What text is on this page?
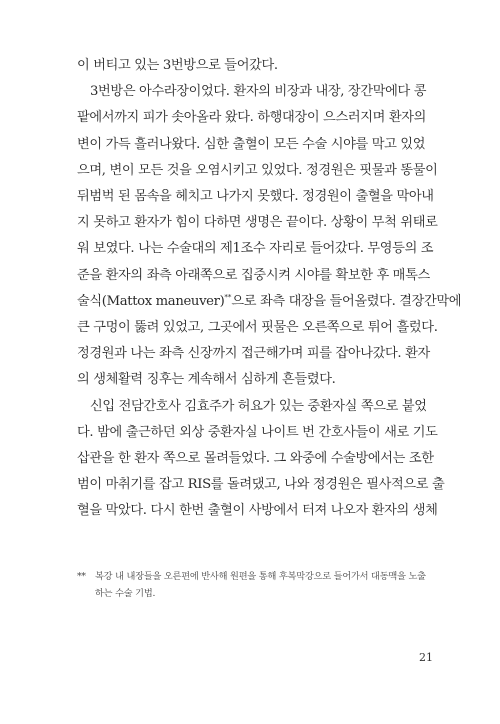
이 버티고 있는 3번방으로 들어갔다.
3번방은 아수라장이었다. 환자의 비장과 내장, 장간막에다 콩
팥에서까지 피가 솟아올라 왔다. 하행대장이 으스러지며 환자의
변이 가득 흘러나왔다. 심한 출혈이 모든 수술 시야를 막고 있었
으며, 변이 모든 것을 오염시키고 있었다. 정경원은 핏물과 똥물이
뒤범벅 된 몸속을 헤치고 나가지 못했다. 정경원이 출혈을 막아내
지 못하고 환자가 힘이 다하면 생명은 끝이다. 상황이 무척 위태로
워 보였다. 나는 수술대의 제1조수 자리로 들어갔다. 무영등의 조
준을 환자의 좌측 아래쪽으로 집중시켜 시야를 확보한 후 매톡스
술식(Mattox maneuver)**으로 좌측 대장을 들어올렸다. 결장간막에
큰 구멍이 뚫려 있었고, 그곳에서 핏물은 오른쪽으로 튀어 흘렀다.
정경원과 나는 좌측 신장까지 접근해가며 피를 잡아나갔다. 환자
의 생체활력 징후는 계속해서 심하게 흔들렸다.
신입 전담간호사 김효주가 허요가 있는 중환자실 쪽으로 붙었
다. 밤에 출근하던 외상 중환자실 나이트 번 간호사들이 새로 기도
삽관을 한 환자 쪽으로 몰려들었다. 그 와중에 수술방에서는 조한
범이 마취기를 잡고 RIS를 돌려댔고, 나와 정경원은 필사적으로 출
혈을 막았다. 다시 한번 출혈이 사방에서 터져 나오자 환자의 생체
**	복강 내 내장들을 오른편에 반사해 원편을 통해 후복막강으로 들어가서 대동맥을 노출
하는 수술 기법.
21
